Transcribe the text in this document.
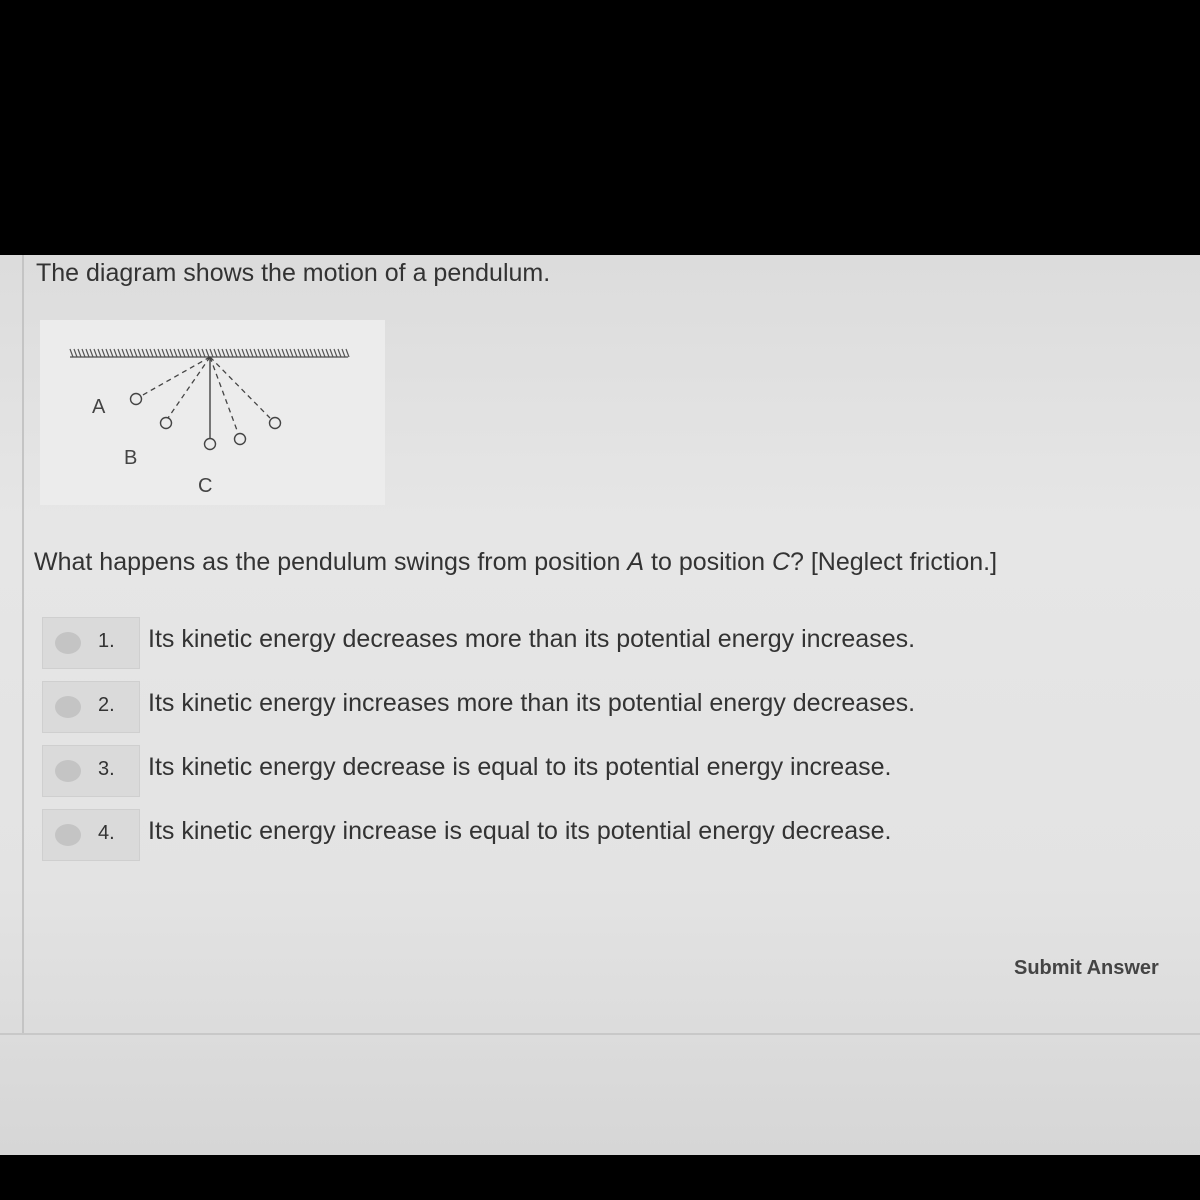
The diagram shows the motion of a pendulum.
A
B
C
What happens as the pendulum swings from position A to position C? [Neglect friction.]
1. Its kinetic energy decreases more than its potential energy increases.
2. Its kinetic energy increases more than its potential energy decreases.
3. Its kinetic energy decrease is equal to its potential energy increase.
4. Its kinetic energy increase is equal to its potential energy decrease.
Submit Answer
